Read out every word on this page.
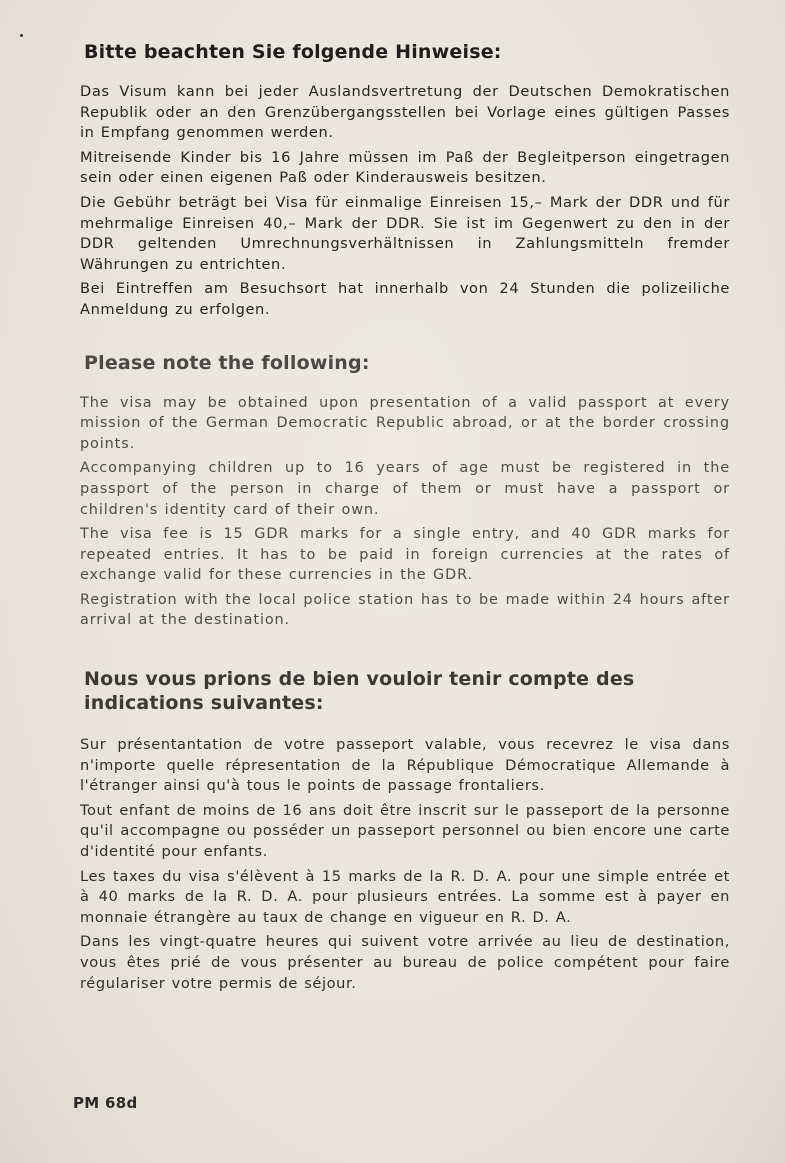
Bitte beachten Sie folgende Hinweise:

Das Visum kann bei jeder Auslandsvertretung der Deutschen Demokratischen Republik oder an den Grenzübergangsstellen bei Vorlage eines gültigen Passes in Empfang genommen werden.

Mitreisende Kinder bis 16 Jahre müssen im Paß der Begleitperson eingetragen sein oder einen eigenen Paß oder Kinderausweis besitzen.

Die Gebühr beträgt bei Visa für einmalige Einreisen 15,– Mark der DDR und für mehrmalige Einreisen 40,– Mark der DDR. Sie ist im Gegenwert zu den in der DDR geltenden Umrechnungsverhältnissen in Zahlungsmitteln fremder Währungen zu entrichten.

Bei Eintreffen am Besuchsort hat innerhalb von 24 Stunden die polizeiliche Anmeldung zu erfolgen.

Please note the following:

The visa may be obtained upon presentation of a valid passport at every mission of the German Democratic Republic abroad, or at the border crossing points.

Accompanying children up to 16 years of age must be registered in the passport of the person in charge of them or must have a passport or children's identity card of their own.

The visa fee is 15 GDR marks for a single entry, and 40 GDR marks for repeated entries. It has to be paid in foreign currencies at the rates of exchange valid for these currencies in the GDR.

Registration with the local police station has to be made within 24 hours after arrival at the destination.

Nous vous prions de bien vouloir tenir compte des indications suivantes:

Sur présentantation de votre passeport valable, vous recevrez le visa dans n'importe quelle répresentation de la République Démocratique Allemande à l'étranger ainsi qu'à tous le points de passage frontaliers.

Tout enfant de moins de 16 ans doit être inscrit sur le passeport de la personne qu'il accompagne ou posséder un passeport personnel ou bien encore une carte d'identité pour enfants.

Les taxes du visa s'élèvent à 15 marks de la R. D. A. pour une simple entrée et à 40 marks de la R. D. A. pour plusieurs entrées. La somme est à payer en monnaie étrangère au taux de change en vigueur en R. D. A.

Dans les vingt-quatre heures qui suivent votre arrivée au lieu de destination, vous êtes prié de vous présenter au bureau de police compétent pour faire régulariser votre permis de séjour.

PM 68d
